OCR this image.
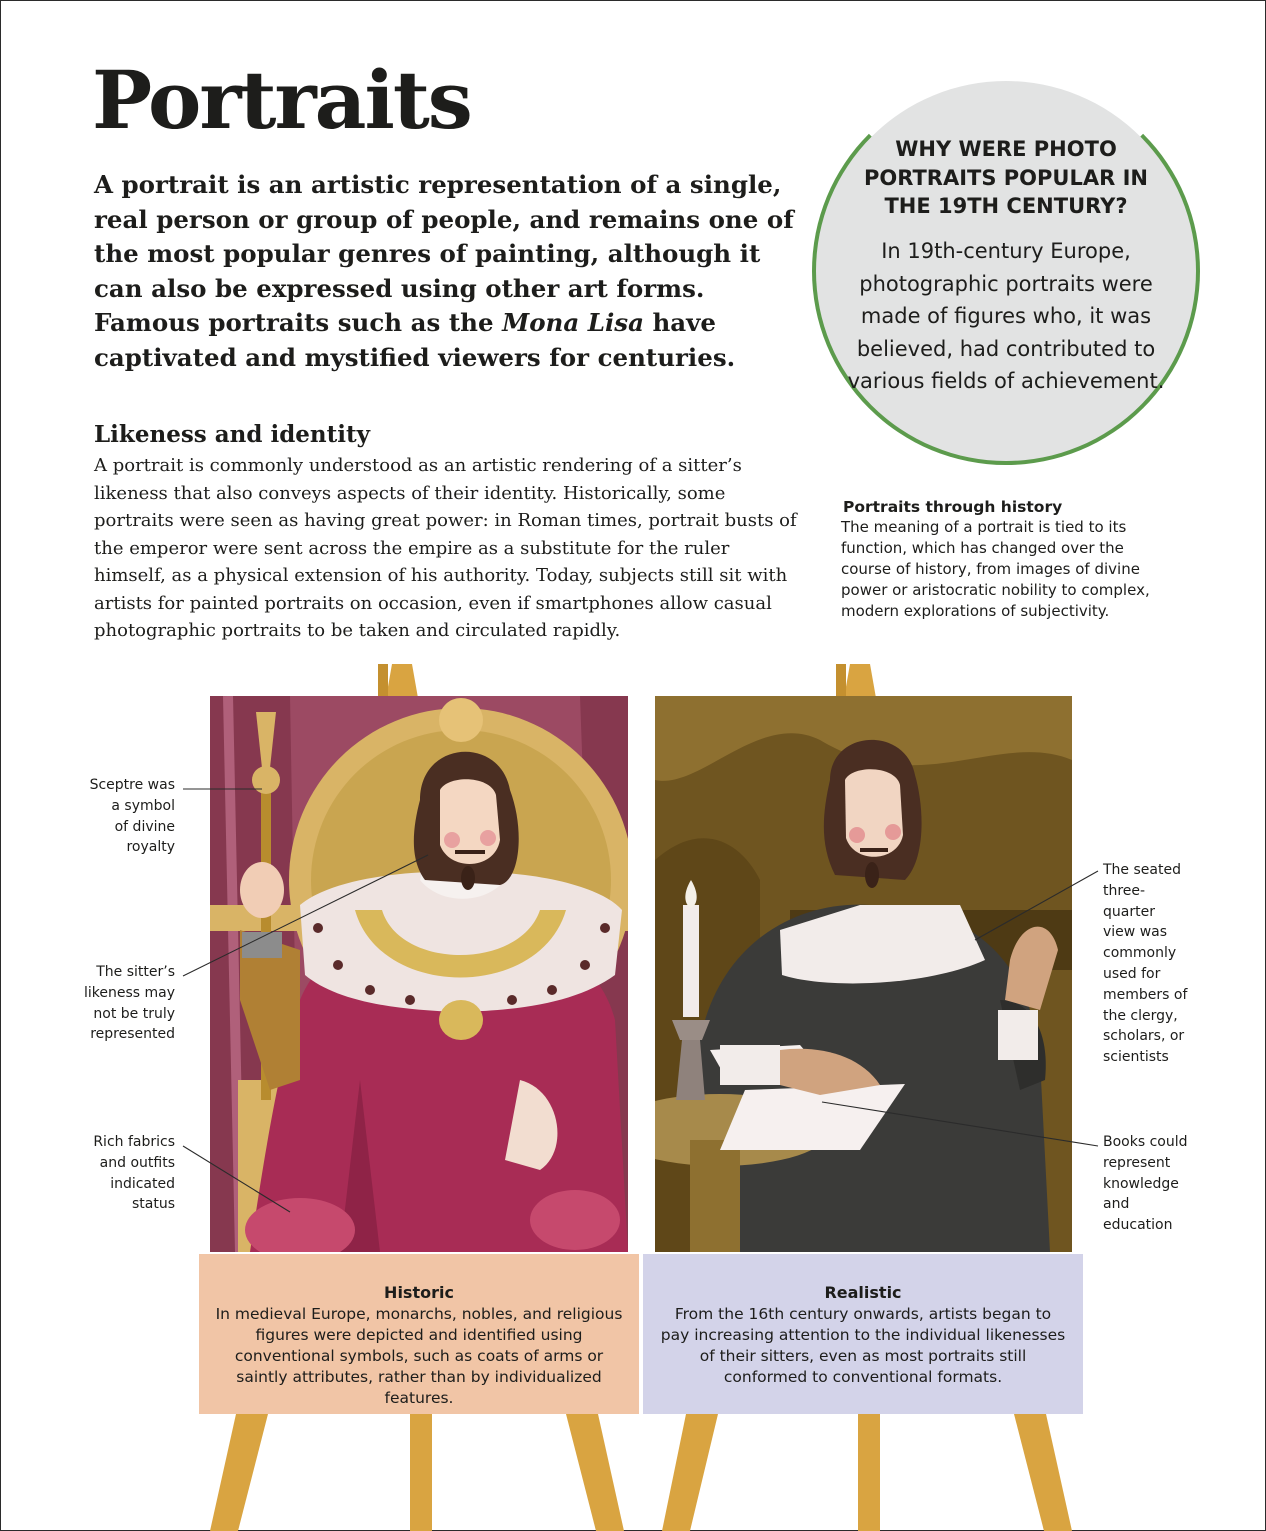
Portraits

A portrait is an artistic representation of a single, real person or group of people, and remains one of the most popular genres of painting, although it can also be expressed using other art forms. Famous portraits such as the Mona Lisa have captivated and mystified viewers for centuries.

WHY WERE PHOTO PORTRAITS POPULAR IN THE 19TH CENTURY?

In 19th-century Europe, photographic portraits were made of figures who, it was believed, had contributed to various fields of achievement.

Likeness and identity

A portrait is commonly understood as an artistic rendering of a sitter’s likeness that also conveys aspects of their identity. Historically, some portraits were seen as having great power: in Roman times, portrait busts of the emperor were sent across the empire as a substitute for the ruler himself, as a physical extension of his authority. Today, subjects still sit with artists for painted portraits on occasion, even if smartphones allow casual photographic portraits to be taken and circulated rapidly.

Portraits through history

The meaning of a portrait is tied to its function, which has changed over the course of history, from images of divine power or aristocratic nobility to complex, modern explorations of subjectivity.

Sceptre was
a symbol
of divine
royalty
The sitter’s
likeness may
not be truly
represented
Rich fabrics
and outfits
indicated
status
The seated
three-
quarter
view was
commonly
used for
members of
the clergy,
scholars, or
scientists
Books could
represent
knowledge
and
education
Historic

In medieval Europe, monarchs, nobles, and religious figures were depicted and identified using conventional symbols, such as coats of arms or saintly attributes, rather than by individualized features.

Realistic

From the 16th century onwards, artists began to pay increasing attention to the individual likenesses of their sitters, even as most portraits still conformed to conventional formats.
